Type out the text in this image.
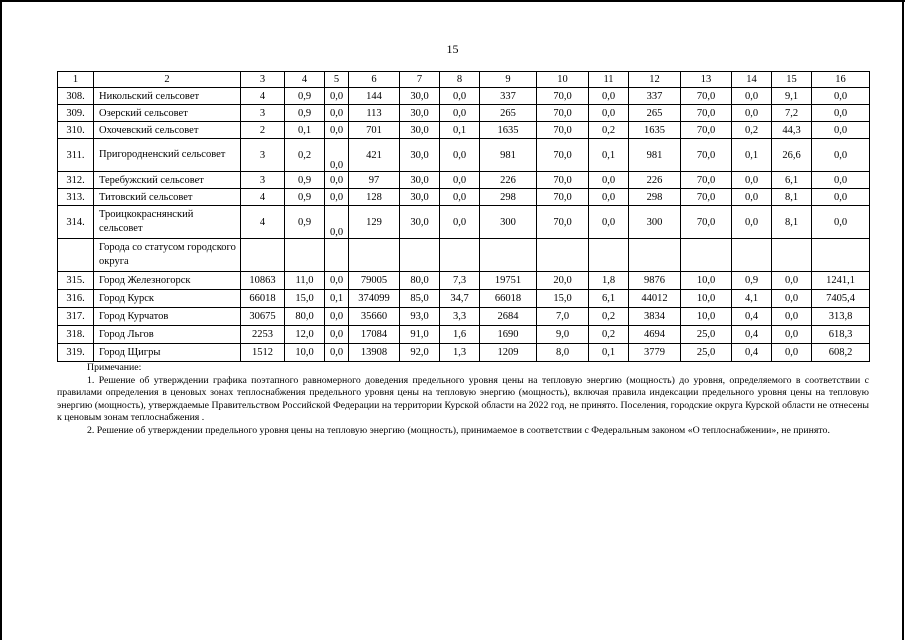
15
1	2	3	4	5	6	7	8	9	10	11	12	13	14	15	16
308.	Никольский сельсовет	4	0,9	0,0	144	30,0	0,0	337	70,0	0,0	337	70,0	0,0	9,1	0,0
309.	Озерский сельсовет	3	0,9	0,0	113	30,0	0,0	265	70,0	0,0	265	70,0	0,0	7,2	0,0
310.	Охочевский сельсовет	2	0,1	0,0	701	30,0	0,1	1635	70,0	0,2	1635	70,0	0,2	44,3	0,0
311.	Пригородненский сельсовет	3	0,2	0,0	421	30,0	0,0	981	70,0	0,1	981	70,0	0,1	26,6	0,0
312.	Теребужский сельсовет	3	0,9	0,0	97	30,0	0,0	226	70,0	0,0	226	70,0	0,0	6,1	0,0
313.	Титовский сельсовет	4	0,9	0,0	128	30,0	0,0	298	70,0	0,0	298	70,0	0,0	8,1	0,0
314.	Троицкокраснянский сельсовет	4	0,9	0,0	129	30,0	0,0	300	70,0	0,0	300	70,0	0,0	8,1	0,0
	Города со статусом городского округа														
315.	Город Железногорск	10863	11,0	0,0	79005	80,0	7,3	19751	20,0	1,8	9876	10,0	0,9	0,0	1241,1
316.	Город Курск	66018	15,0	0,1	374099	85,0	34,7	66018	15,0	6,1	44012	10,0	4,1	0,0	7405,4
317.	Город Курчатов	30675	80,0	0,0	35660	93,0	3,3	2684	7,0	0,2	3834	10,0	0,4	0,0	313,8
318.	Город Льгов	2253	12,0	0,0	17084	91,0	1,6	1690	9,0	0,2	4694	25,0	0,4	0,0	618,3
319.	Город Щигры	1512	10,0	0,0	13908	92,0	1,3	1209	8,0	0,1	3779	25,0	0,4	0,0	608,2

Примечание:

1. Решение об утверждении графика поэтапного равномерного доведения предельного уровня цены на тепловую энергию (мощность) до уровня, определяемого в соответствии с правилами определения в ценовых зонах теплоснабжения предельного уровня цены на тепловую энергию (мощность), включая правила индексации предельного уровня цены на тепловую энергию (мощность), утверждаемые Правительством Российской Федерации на территории Курской области на 2022 год, не принято. Поселения, городские округа Курской области не отнесены к ценовым зонам теплоснабжения .

2. Решение об утверждении предельного уровня цены на тепловую энергию (мощность), принимаемое в соответствии с Федеральным законом «О теплоснабжении», не принято.
